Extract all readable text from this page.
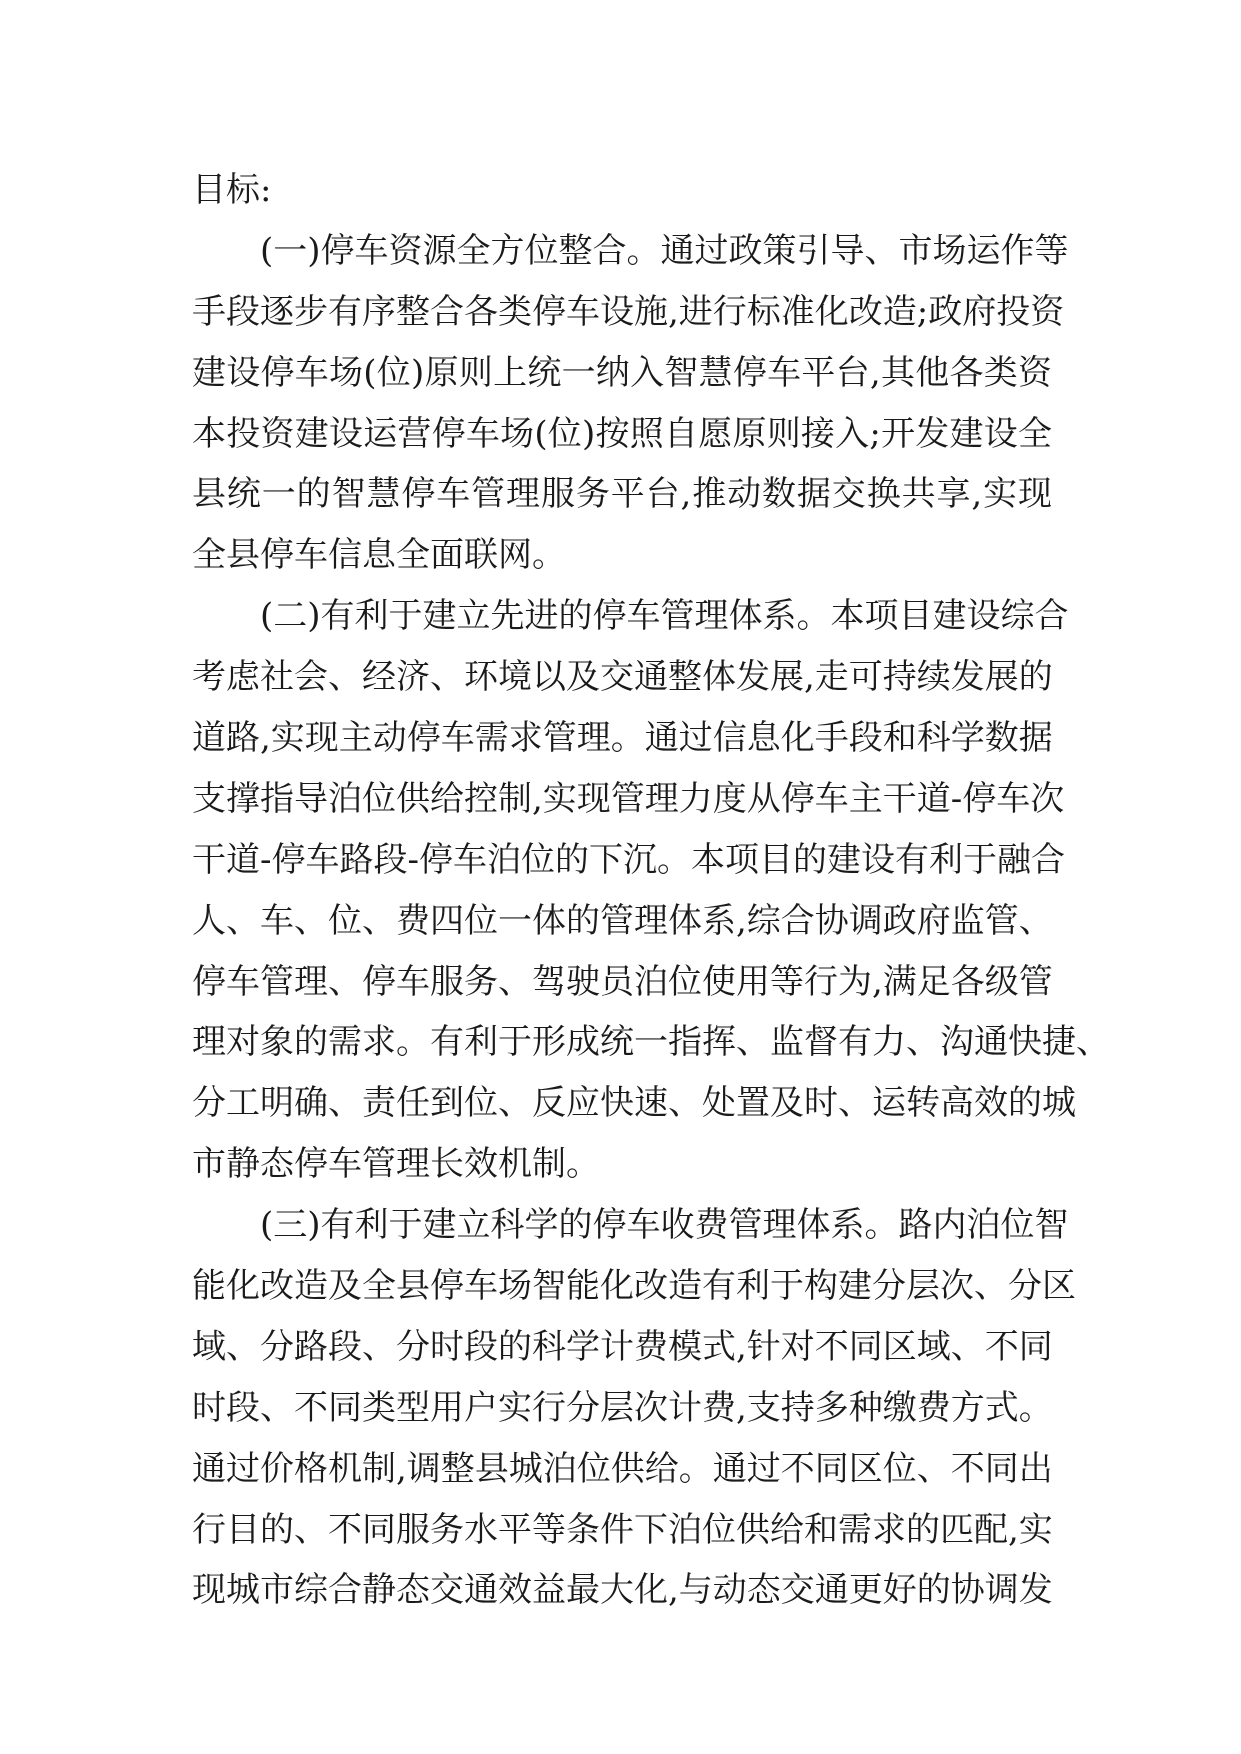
目标:
(一)停车资源全方位整合。通过政策引导、市场运作等
手段逐步有序整合各类停车设施,进行标准化改造;政府投资
建设停车场(位)原则上统一纳入智慧停车平台,其他各类资
本投资建设运营停车场(位)按照自愿原则接入;开发建设全
县统一的智慧停车管理服务平台,推动数据交换共享,实现
全县停车信息全面联网。
(二)有利于建立先进的停车管理体系。本项目建设综合
考虑社会、经济、环境以及交通整体发展,走可持续发展的
道路,实现主动停车需求管理。通过信息化手段和科学数据
支撑指导泊位供给控制,实现管理力度从停车主干道-停车次
干道-停车路段-停车泊位的下沉。本项目的建设有利于融合
人、车、位、费四位一体的管理体系,综合协调政府监管、
停车管理、停车服务、驾驶员泊位使用等行为,满足各级管
理对象的需求。有利于形成统一指挥、监督有力、沟通快捷、
分工明确、责任到位、反应快速、处置及时、运转高效的城
市静态停车管理长效机制。
(三)有利于建立科学的停车收费管理体系。路内泊位智
能化改造及全县停车场智能化改造有利于构建分层次、分区
域、分路段、分时段的科学计费模式,针对不同区域、不同
时段、不同类型用户实行分层次计费,支持多种缴费方式。
通过价格机制,调整县城泊位供给。通过不同区位、不同出
行目的、不同服务水平等条件下泊位供给和需求的匹配,实
现城市综合静态交通效益最大化,与动态交通更好的协调发
